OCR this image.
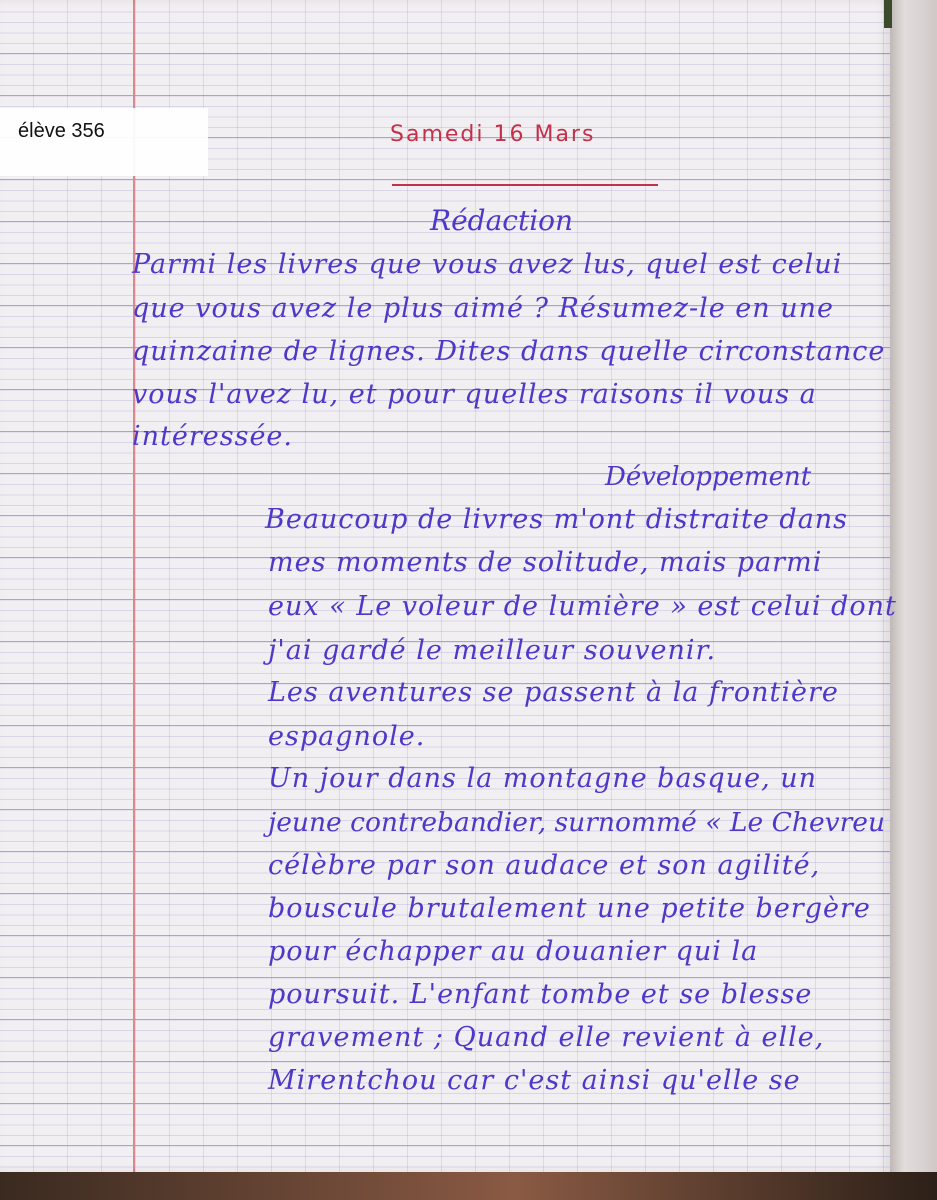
élève 356	Samedi 16 Mars
Rédaction
Parmi les livres que vous avez lus, quel est celui
que vous avez le plus aimé ? Résumez-le en une
quinzaine de lignes. Dites dans quelle circonstance
vous l'avez lu, et pour quelles raisons il vous a
intéressée.
Développement
Beaucoup de livres m'ont distraite dans
mes moments de solitude, mais parmi
eux « Le voleur de lumière » est celui dont
j'ai gardé le meilleur souvenir.
Les aventures se passent à la frontière
espagnole.
Un jour dans la montagne basque, un
jeune contrebandier, surnommé « Le Chevreu
célèbre par son audace et son agilité,
bouscule brutalement une petite bergère
pour échapper au douanier qui la
poursuit. L'enfant tombe et se blesse
gravement ; Quand elle revient à elle,
Mirentchou car c'est ainsi qu'elle se
